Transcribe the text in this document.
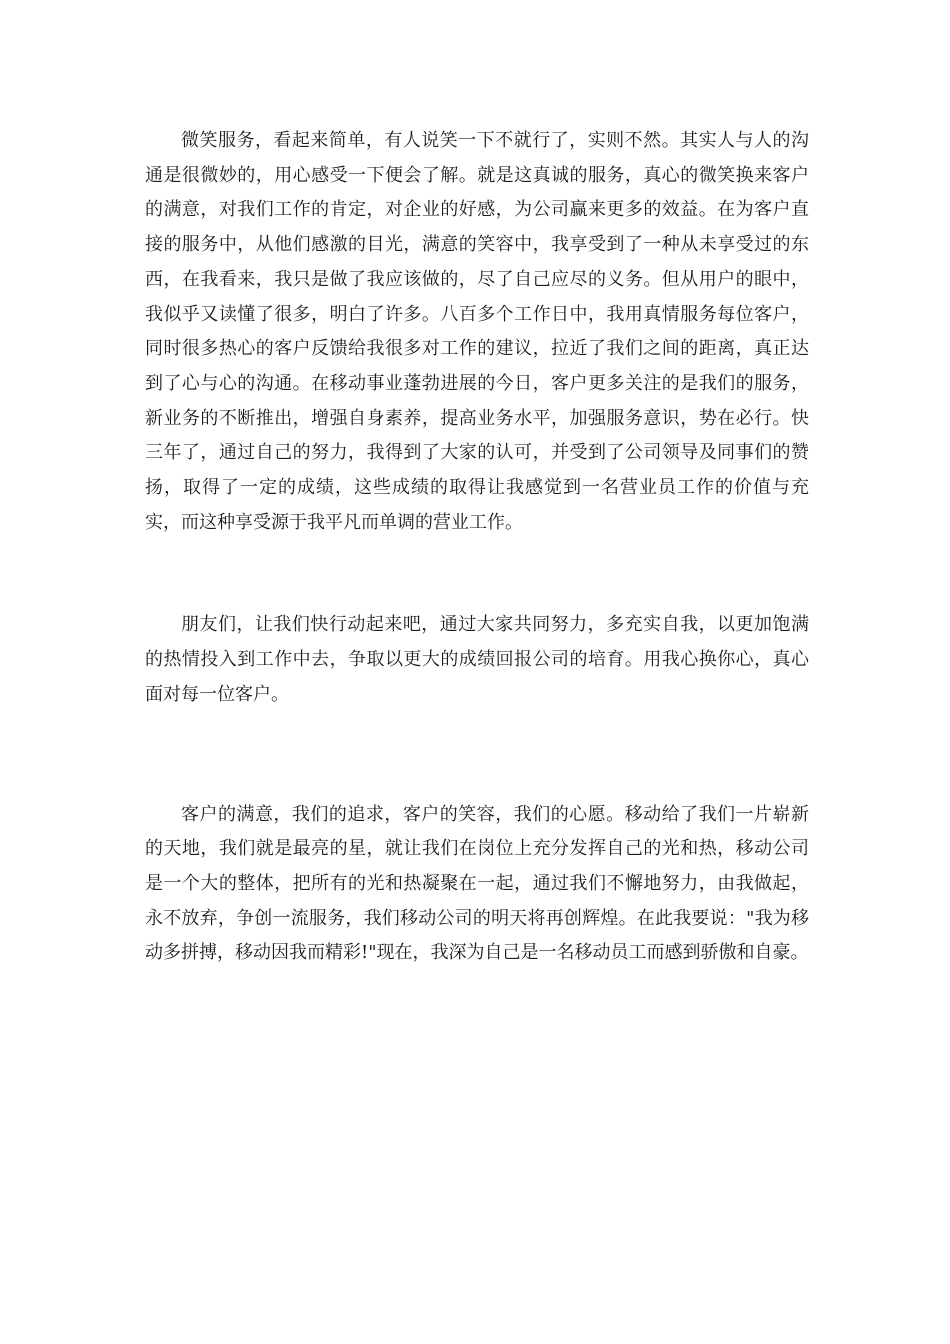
微笑服务，看起来简单，有人说笑一下不就行了，实则不然。其实人与人的沟通是很微妙的，用心感受一下便会了解。就是这真诚的服务，真心的微笑换来客户的满意，对我们工作的肯定，对企业的好感，为公司赢来更多的效益。在为客户直接的服务中，从他们感激的目光，满意的笑容中，我享受到了一种从未享受过的东西，在我看来，我只是做了我应该做的，尽了自己应尽的义务。但从用户的眼中，我似乎又读懂了很多，明白了许多。八百多个工作日中，我用真情服务每位客户，同时很多热心的客户反馈给我很多对工作的建议，拉近了我们之间的距离，真正达到了心与心的沟通。在移动事业蓬勃进展的今日，客户更多关注的是我们的服务，新业务的不断推出，增强自身素养，提高业务水平，加强服务意识，势在必行。快三年了，通过自己的努力，我得到了大家的认可，并受到了公司领导及同事们的赞扬，取得了一定的成绩，这些成绩的取得让我感觉到一名营业员工作的价值与充实，而这种享受源于我平凡而单调的营业工作。

朋友们，让我们快行动起来吧，通过大家共同努力，多充实自我，以更加饱满的热情投入到工作中去，争取以更大的成绩回报公司的培育。用我心换你心，真心面对每一位客户。

客户的满意，我们的追求，客户的笑容，我们的心愿。移动给了我们一片崭新的天地，我们就是最亮的星，就让我们在岗位上充分发挥自己的光和热，移动公司是一个大的整体，把所有的光和热凝聚在一起，通过我们不懈地努力，由我做起，永不放弃，争创一流服务，我们移动公司的明天将再创辉煌。在此我要说："我为移动多拼搏，移动因我而精彩!"现在，我深为自己是一名移动员工而感到骄傲和自豪。
